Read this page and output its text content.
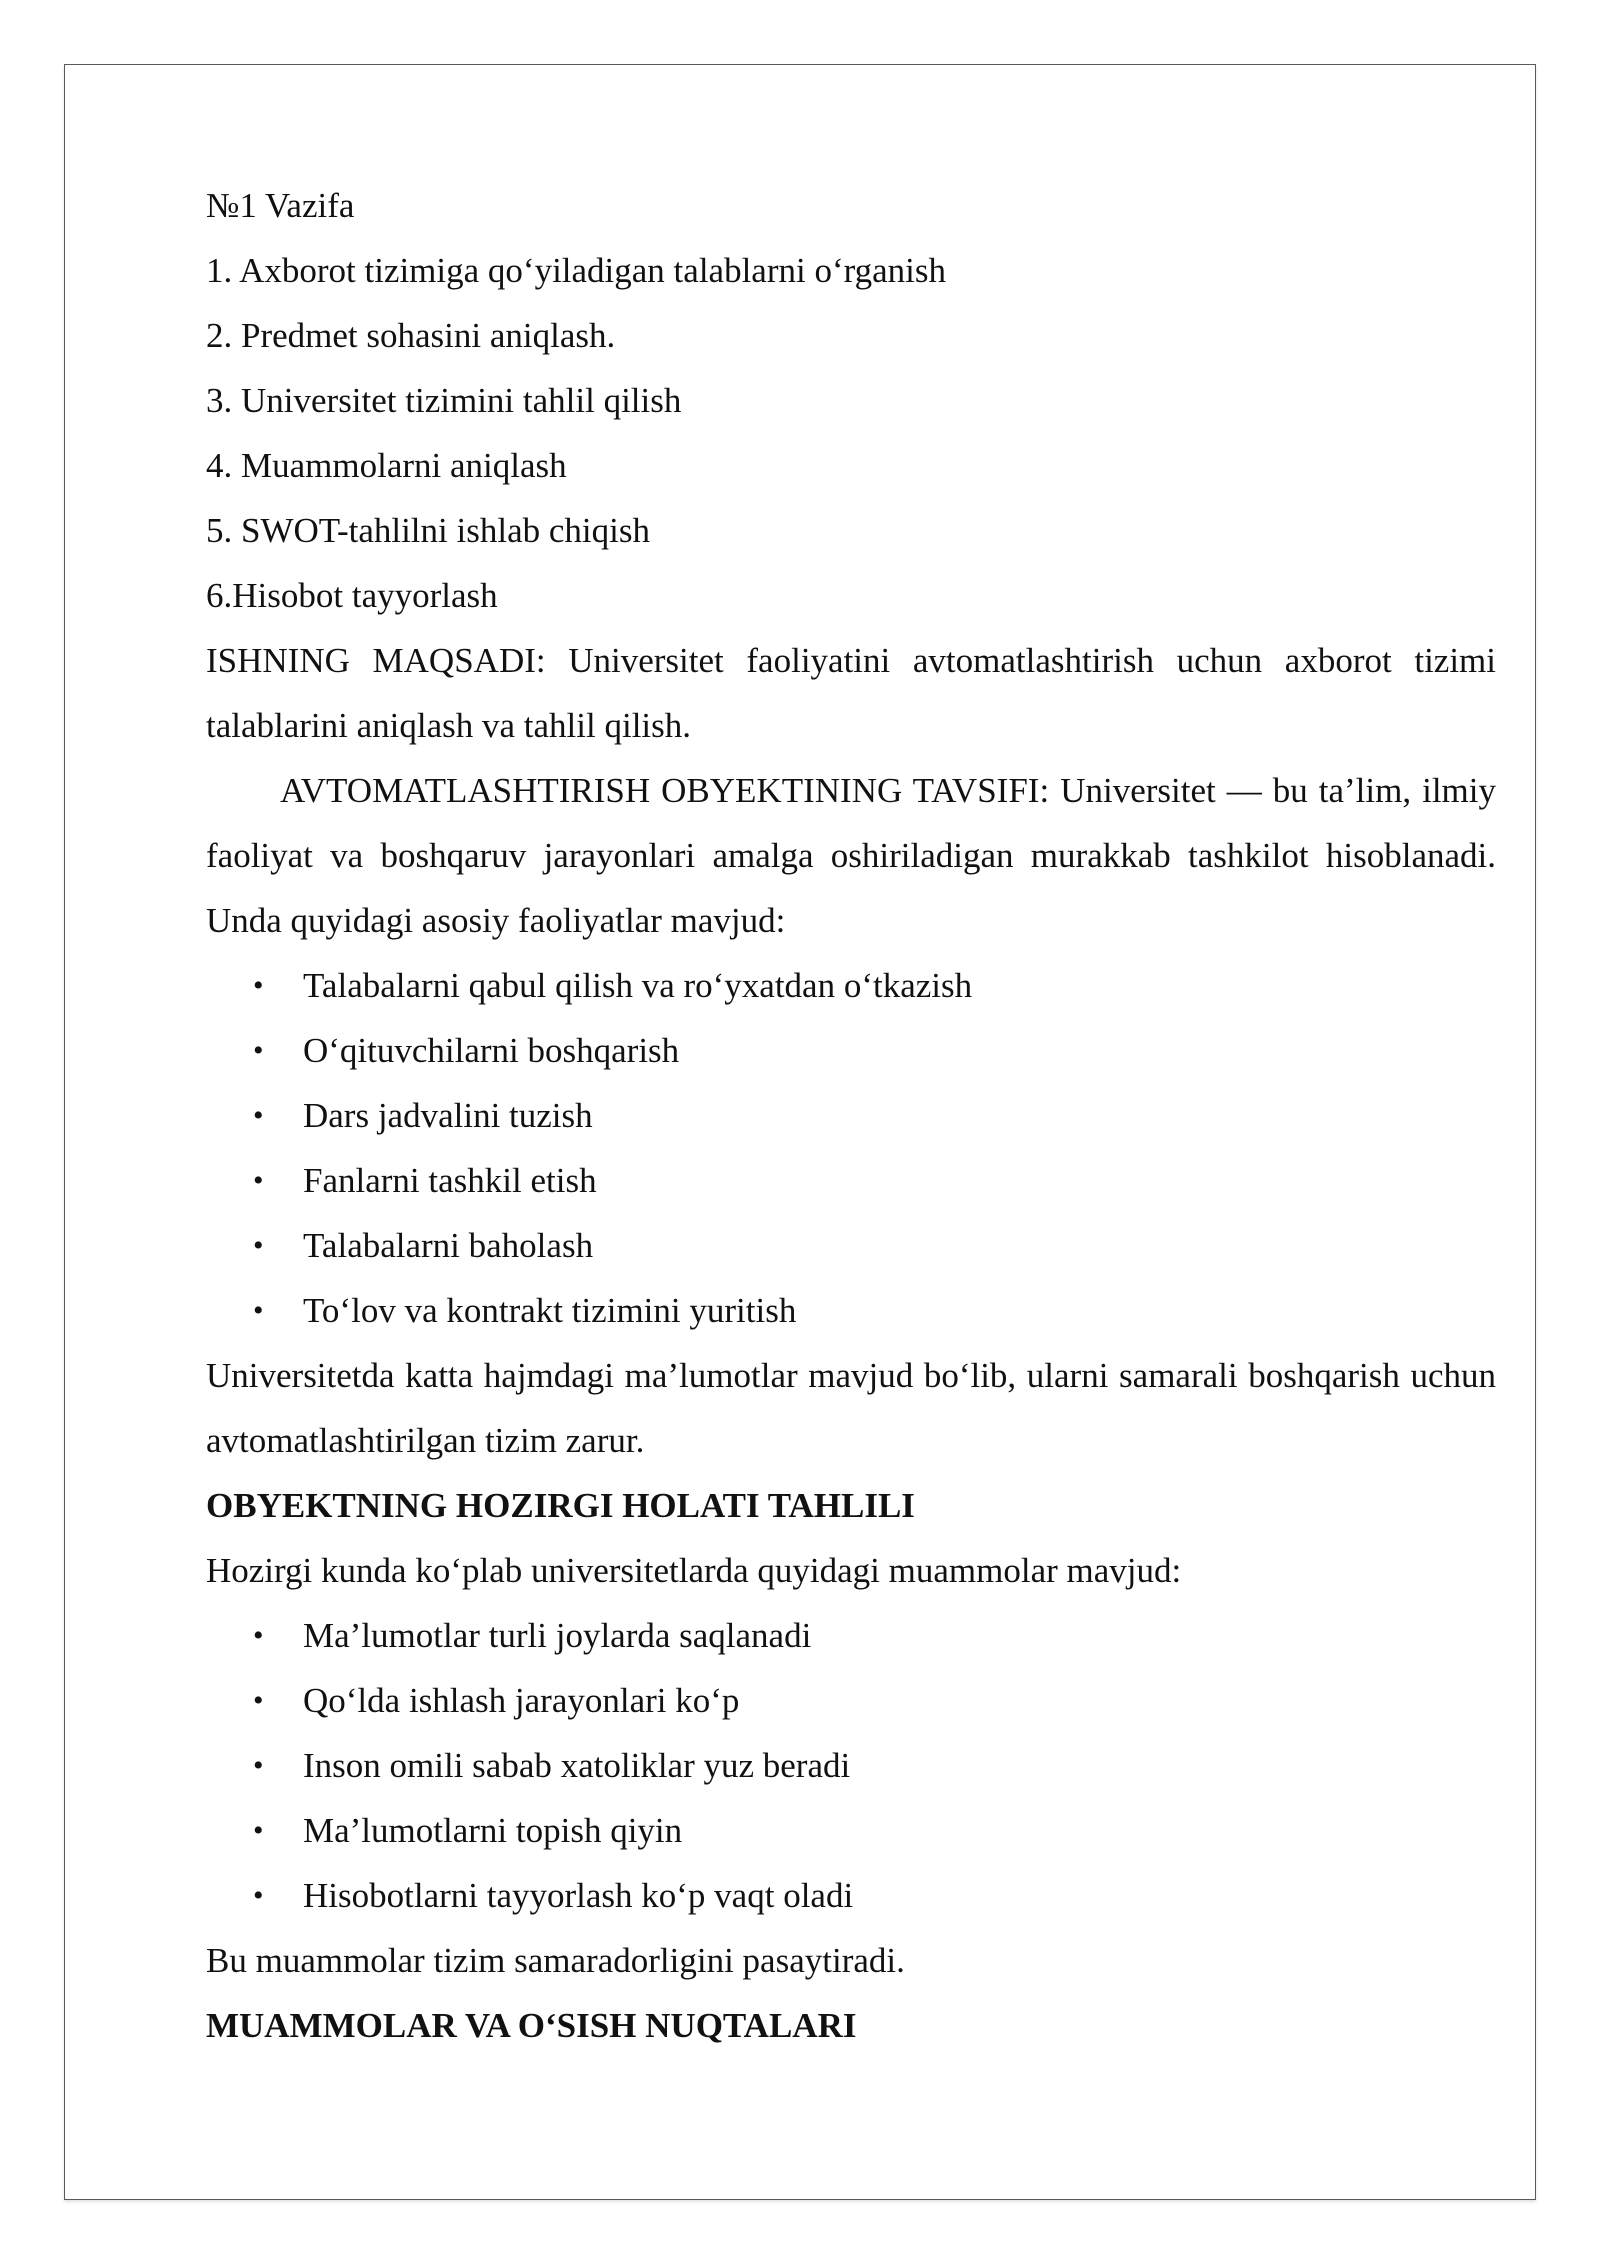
№1 Vazifa

1. Axborot tizimiga qo‘yiladigan talablarni o‘rganish

2. Predmet sohasini aniqlash.

3. Universitet tizimini tahlil qilish

4. Muammolarni aniqlash

5. SWOT-tahlilni ishlab chiqish

6.Hisobot tayyorlash

ISHNING MAQSADI: Universitet faoliyatini avtomatlashtirish uchun axborot tizimi talablarini aniqlash va tahlil qilish.

AVTOMATLASHTIRISH OBYEKTINING TAVSIFI: Universitet — bu ta’lim, ilmiy faoliyat va boshqaruv jarayonlari amalga oshiriladigan murakkab tashkilot hisoblanadi. Unda quyidagi asosiy faoliyatlar mavjud:

• Talabalarni qabul qilish va ro‘yxatdan o‘tkazish
• O‘qituvchilarni boshqarish
• Dars jadvalini tuzish
• Fanlarni tashkil etish
• Talabalarni baholash
• To‘lov va kontrakt tizimini yuritish

Universitetda katta hajmdagi ma’lumotlar mavjud bo‘lib, ularni samarali boshqarish uchun avtomatlashtirilgan tizim zarur.

OBYEKTNING HOZIRGI HOLATI TAHLILI

Hozirgi kunda ko‘plab universitetlarda quyidagi muammolar mavjud:

• Ma’lumotlar turli joylarda saqlanadi
• Qo‘lda ishlash jarayonlari ko‘p
• Inson omili sabab xatoliklar yuz beradi
• Ma’lumotlarni topish qiyin
• Hisobotlarni tayyorlash ko‘p vaqt oladi

Bu muammolar tizim samaradorligini pasaytiradi.

MUAMMOLAR VA O‘SISH NUQTALARI
